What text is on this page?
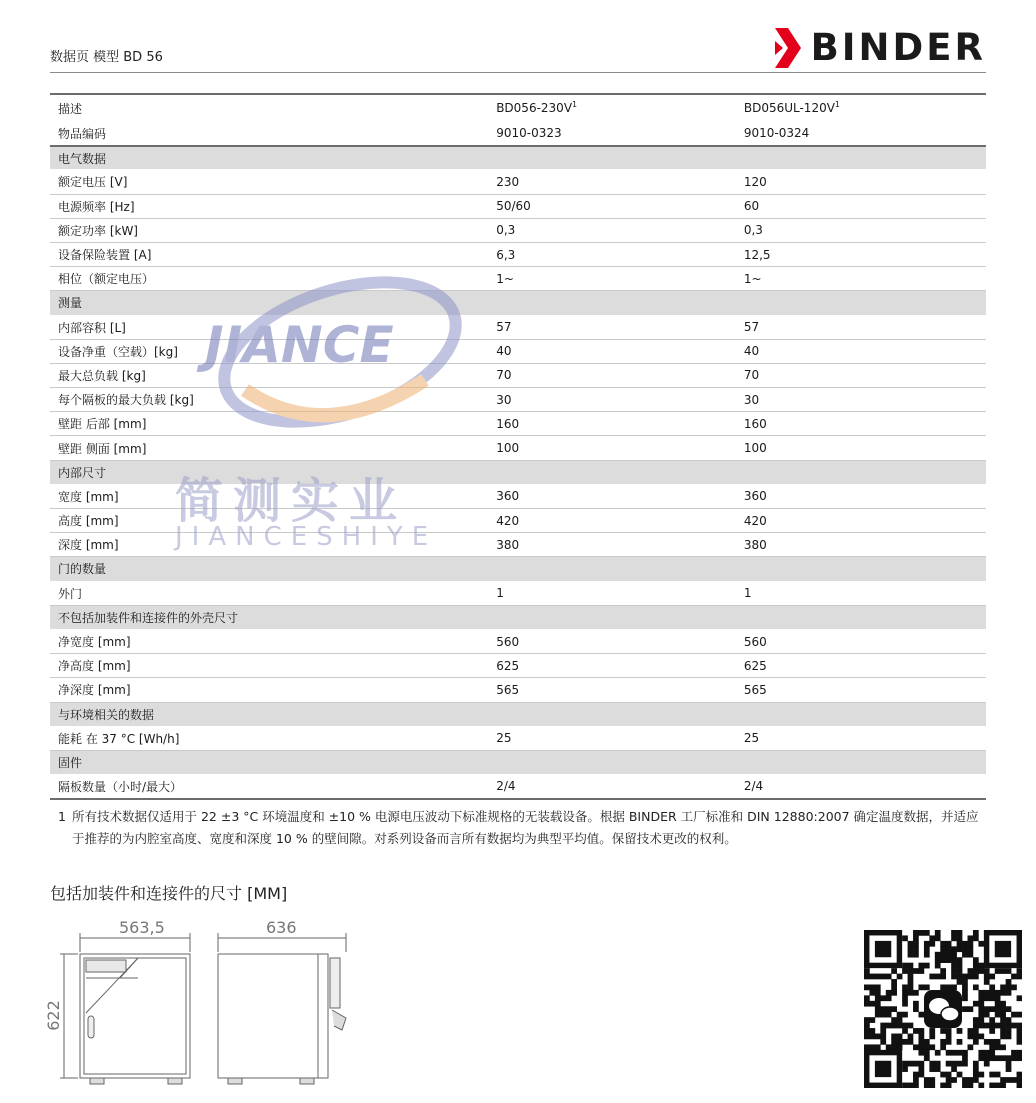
数据页 模型 BD 56	BINDER
描述	$BD056-230V^1$	$BD056UL-120V^1$
物品编码	9010-0323	9010-0324
电气数据		
额定电压 [V]	230	120
电源频率 [Hz]	50/60	60
额定功率 [kW]	0,3	0,3
设备保险装置 [A]	6,3	12,5
相位（额定电压）	1~	1~
测量		
内部容积 [L]	57	57
设备净重（空载）[kg]	40	40
最大总负载 [kg]	70	70
每个隔板的最大负载 [kg]	30	30
壁距 后部 [mm]	160	160
壁距 侧面 [mm]	100	100
内部尺寸		
宽度 [mm]	360	360
高度 [mm]	420	420
深度 [mm]	380	380
门的数量		
外门	1	1
不包括加装件和连接件的外壳尺寸		
净宽度 [mm]	560	560
净高度 [mm]	625	625
净深度 [mm]	565	565
与环境相关的数据		
能耗 在 37 °C [Wh/h]	25	25
固件		
隔板数量（小时/最大）	2/4	2/4
JIANCE
简测实业
JIANCESHIYE
1 所有技术数据仅适用于 22 ±3 °C 环境温度和 ±10 % 电源电压波动下标准规格的无装载设备。根据 BINDER 工厂标准和 DIN 12880:2007 确定温度数据，并适应于推荐的为内腔室高度、宽度和深度 10 % 的壁间隙。对系列设备而言所有数据均为典型平均值。保留技术更改的权利。
包括加装件和连接件的尺寸 [MM]
563,5	636
622
